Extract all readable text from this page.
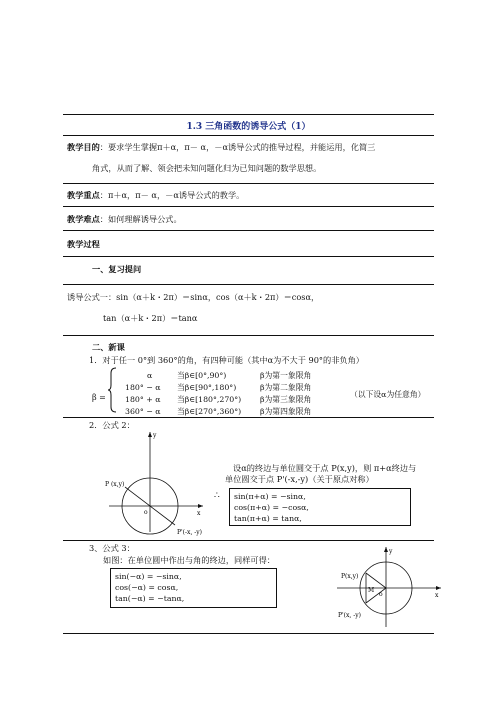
1.3 三角函数的诱导公式（1）
教学目的：要求学生掌握π＋α，π－ α，－α诱导公式的推导过程，并能运用，化简三
角式，从而了解、领会把未知问题化归为已知问题的数学思想。
教学重点：π＋α，π－ α，－α诱导公式的教学。
教学难点：如何理解诱导公式。
教学过程
一、复习提问
诱导公式一：sin（α＋k・2π）＝sinα，cos（α＋k・2π）＝cosα，
tan（α＋k・2π）＝tanα
二、新课
1．对于任一 0°到 360°的角，有四种可能（其中α为不大于 90°的非负角）
β =
α	当β∈[0°,90°)	β为第一象限角
180° − α 当β∈[90°,180°)	β为第二象限角
180° + α 当β∈[180°,270°) β为第三象限角
360° − α 当β∈[270°,360°) β为第四象限角
（以下设α为任意角）
2．公式 2：
y
x
o
P (x,y)
P'(-x, -y)
设α的终边与单位圆交于点 P(x,y)，则 π+α终边与
单位圆交于点 P'(-x,-y)（关于原点对称）
∴ sin(π+α) = −sinα,
cos(π+α) = −cosα,
tan(π+α) = tanα,
3、公式 3：
如图：在单位圆中作出与角的终边，同样可得：
sin(−α) = −sinα,
cos(−α) = cosα,
tan(−α) = −tanα,
y
x
o
P(x,y)
M
P'(x, -y)
